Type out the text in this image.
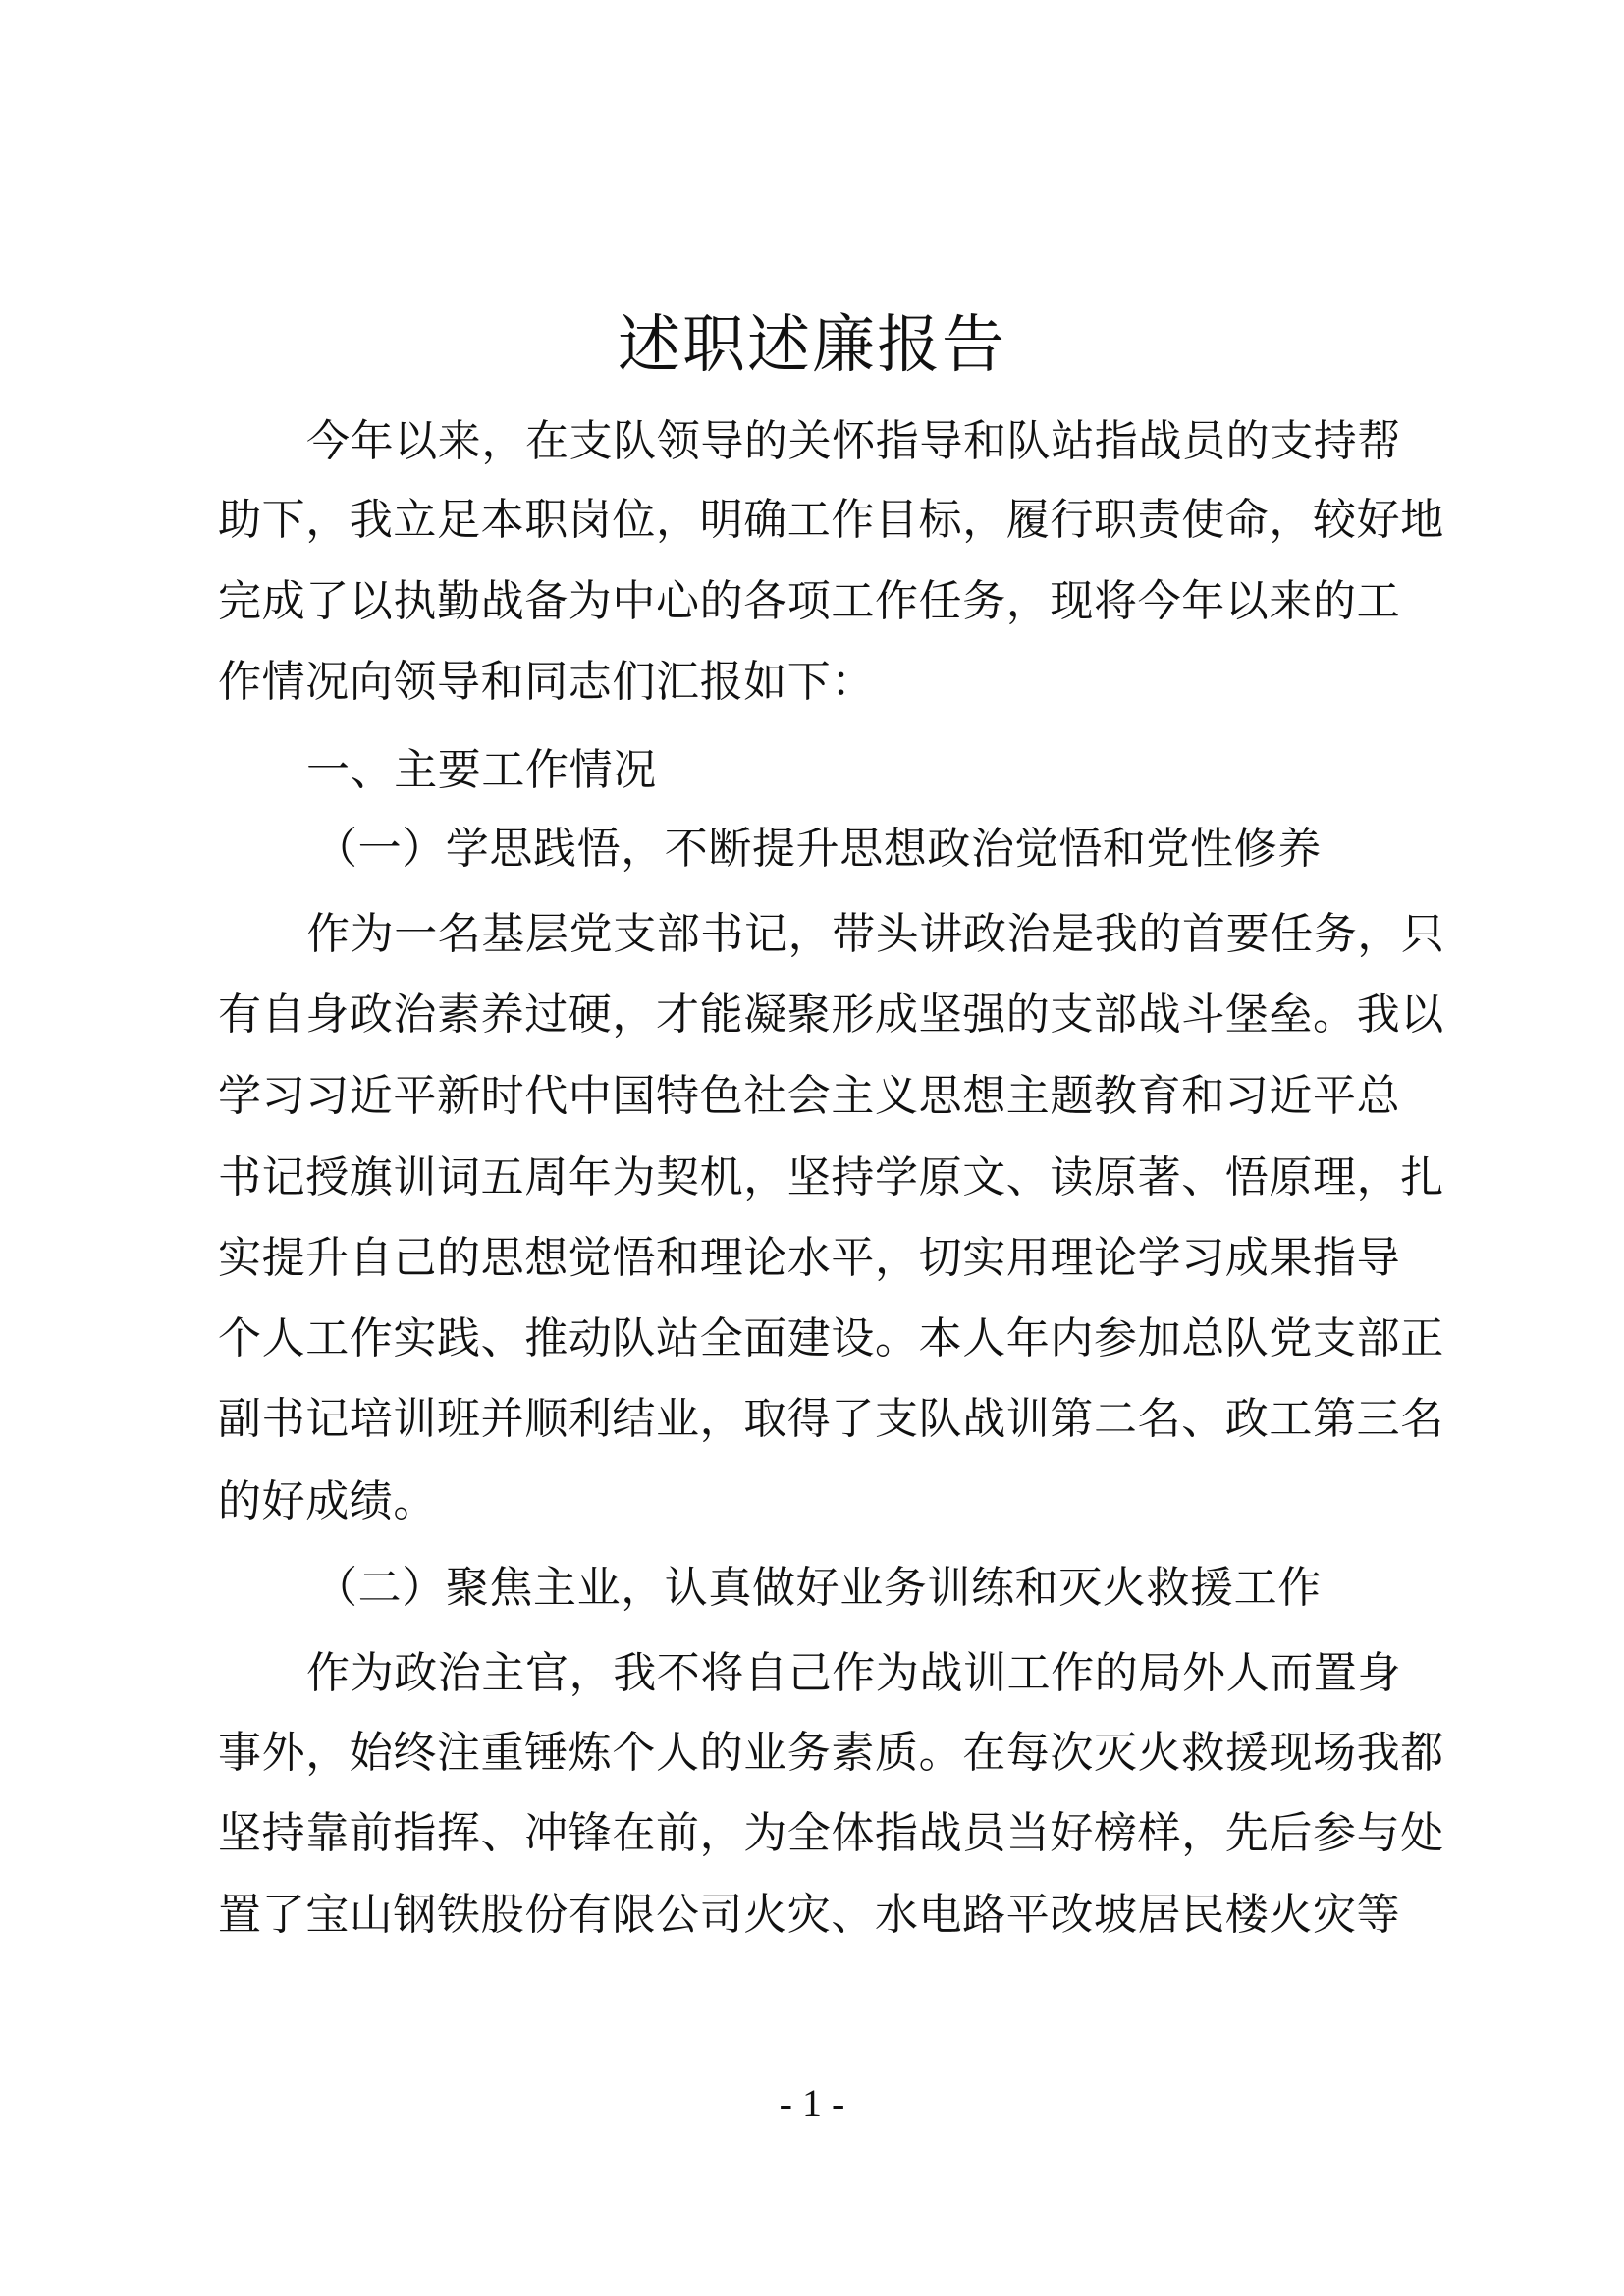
述职述廉报告
今年以来，在支队领导的关怀指导和队站指战员的支持帮
助下，我立足本职岗位，明确工作目标，履行职责使命，较好地
完成了以执勤战备为中心的各项工作任务，现将今年以来的工
作情况向领导和同志们汇报如下：
一、主要工作情况
（一）学思践悟，不断提升思想政治觉悟和党性修养
作为一名基层党支部书记，带头讲政治是我的首要任务，只
有自身政治素养过硬，才能凝聚形成坚强的支部战斗堡垒。我以
学习习近平新时代中国特色社会主义思想主题教育和习近平总
书记授旗训词五周年为契机，坚持学原文、读原著、悟原理，扎
实提升自己的思想觉悟和理论水平，切实用理论学习成果指导
个人工作实践、推动队站全面建设。本人年内参加总队党支部正
副书记培训班并顺利结业，取得了支队战训第二名、政工第三名
的好成绩。
（二）聚焦主业，认真做好业务训练和灭火救援工作
作为政治主官，我不将自己作为战训工作的局外人而置身
事外，始终注重锤炼个人的业务素质。在每次灭火救援现场我都
坚持靠前指挥、冲锋在前，为全体指战员当好榜样，先后参与处
置了宝山钢铁股份有限公司火灾、水电路平改坡居民楼火灾等
- 1 -
